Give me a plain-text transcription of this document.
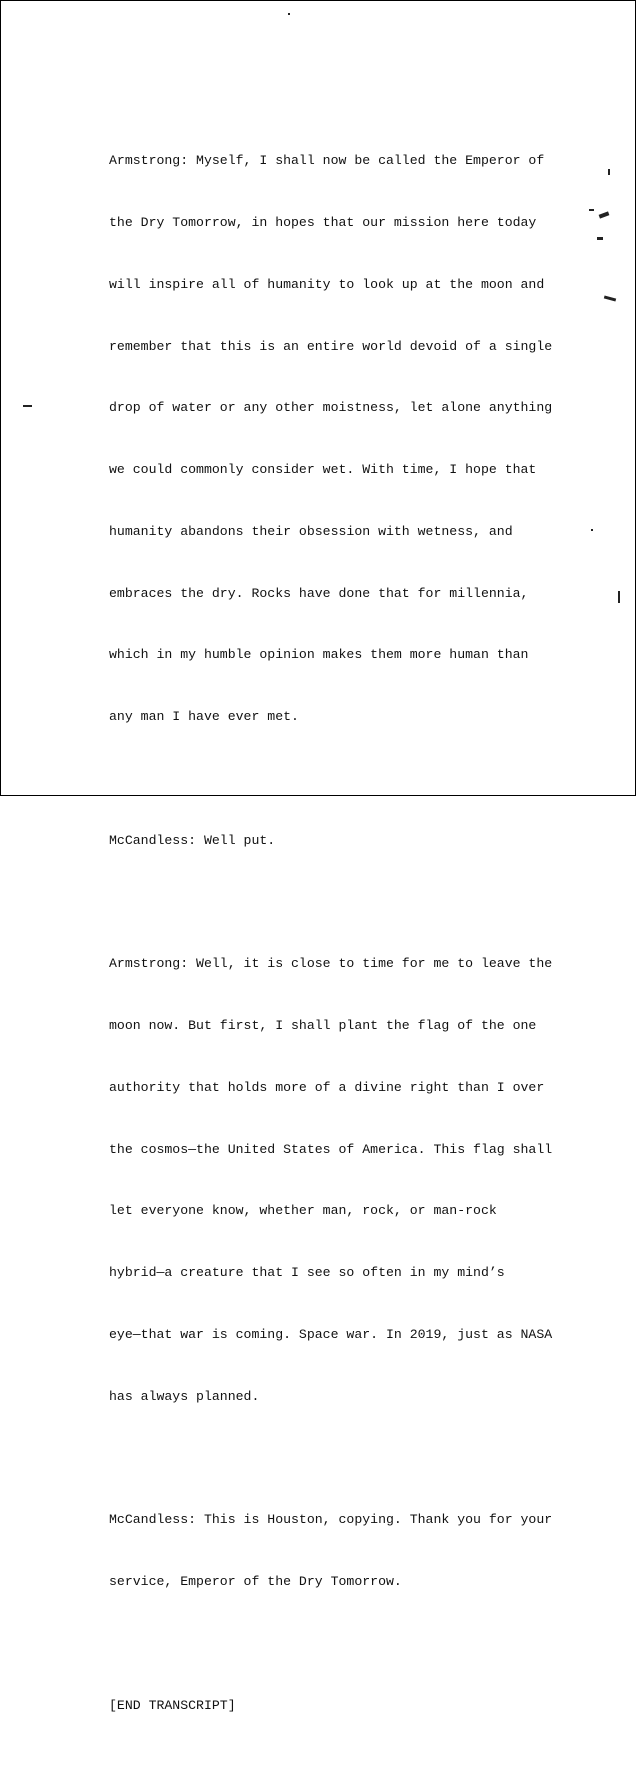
Armstrong: Myself, I shall now be called the Emperor of

the Dry Tomorrow, in hopes that our mission here today

will inspire all of humanity to look up at the moon and

remember that this is an entire world devoid of a single

drop of water or any other moistness, let alone anything

we could commonly consider wet. With time, I hope that

humanity abandons their obsession with wetness, and

embraces the dry. Rocks have done that for millennia,

which in my humble opinion makes them more human than

any man I have ever met.

McCandless: Well put.

Armstrong: Well, it is close to time for me to leave the

moon now. But first, I shall plant the flag of the one

authority that holds more of a divine right than I over

the cosmos—the United States of America. This flag shall

let everyone know, whether man, rock, or man-rock

hybrid—a creature that I see so often in my mind’s

eye—that war is coming. Space war. In 2019, just as NASA

has always planned.

McCandless: This is Houston, copying. Thank you for your

service, Emperor of the Dry Tomorrow.

[END TRANSCRIPT]
